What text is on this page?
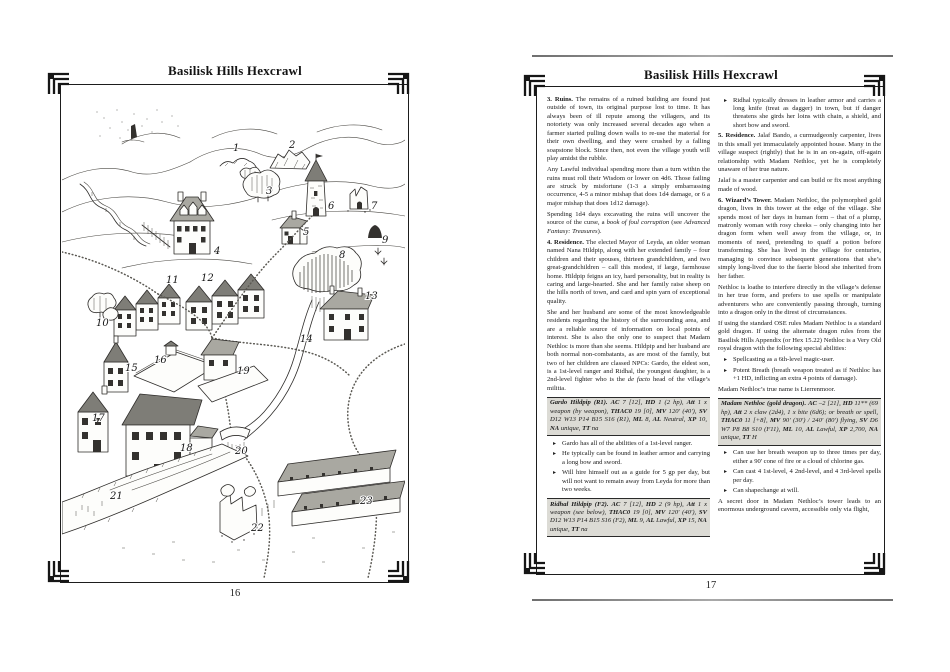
Basilisk Hills Hexcrawl
1	2
3
4
5
6	7
8
9
10
11 12
13
14
15
16
17
18
19
20
21
22
23
16
Basilisk Hills Hexcrawl
3. Ruins. The remains of a ruined building are found just outside of town, its original purpose lost to time. It has always been of ill repute among the villagers, and its notoriety was only increased several decades ago when a farmer started pulling down walls to re-use the material for their own dwelling, and they were crushed by a falling soapstone block. Since then, not even the village youth will play amidst the rubble.
Any Lawful individual spending more than a turn within the ruins must roll their Wisdom or lower on 4d6. Those failing are struck by misfortune (1-3 a simply embarrassing occurrence, 4-5 a minor mishap that does 1d4 damage, or 6 a major mishap that does 1d12 damage).
Spending 1d4 days excavating the ruins will uncover the source of the curse, a book of foul corruption (see Advanced Fantasy: Treasures).
4. Residence. The elected Mayor of Leyda, an older woman named Nana Hildpip, along with her extended family – four children and their spouses, thirteen grandchildren, and two great-grandchildren – call this modest, if large, farmhouse home. Hildpip feigns an icy, hard personality, but in reality is caring and large-hearted. She and her family raise sheep on the hills north of town, and card and spin yarn of exceptional quality.
She and her husband are some of the most knowledgeable residents regarding the history of the surrounding area, and are a reliable source of information on local points of interest. She is also the only one to suspect that Madam Nethloc is more than she seems. Hildpip and her husband are both normal non-combatants, as are most of the family, but two of her children are classed NPCs: Gardo, the eldest son, is a 1st-level ranger and Ridhal, the youngest daughter, is a 2nd-level fighter who is the de facto head of the village’s militia.
Gardo Hildpip (R1). AC 7 [12], HD 1 (2 hp), Att 1 x weapon (by weapon), THAC0 19 [0], MV 120' (40'), SV D12 W13 P14 B15 S16 (R1), ML 8, AL Neutral, XP 10, NA unique, TT na
▸ Gardo has all of the abilities of a 1st-level ranger.
▸ He typically can be found in leather armor and carrying a long bow and sword.
▸ Will hire himself out as a guide for 5 gp per day, but will not want to remain away from Leyda for more than two weeks.
Ridhal Hildpip (F2). AC 7 [12], HD 2 (9 hp), Att 1 x weapon (see below), THAC0 19 [0], MV 120' (40'), SV D12 W13 P14 B15 S16 (F2), ML 9, AL Lawful, XP 15, NA unique, TT na
▸ Ridhal typically dresses in leather armor and carries a long knife (treat as dagger) in town, but if danger threatens she girds her loins with chain, a shield, and short bow and sword.
5. Residence. Jalaf Bando, a curmudgeonly carpenter, lives in this small yet immaculately appointed house. Many in the village suspect (rightly) that he is in an on-again, off-again relationship with Madam Nethloc, yet he is completely unaware of her true nature.
Jalaf is a master carpenter and can build or fix most anything made of wood.
6. Wizard’s Tower. Madam Nethloc, the polymorphed gold dragon, lives in this tower at the edge of the village. She spends most of her days in human form – that of a plump, matronly woman with rosy cheeks – only changing into her dragon form when well away from the village, or, in moments of need, pretending to quaff a potion before transforming. She has lived in the village for centuries, managing to convince subsequent generations that she’s simply long-lived due to the faerie blood she inherited from her father.
Nethloc is loathe to interfere directly in the village’s defense in her true form, and prefers to use spells or manipulate adventurers who are conveniently passing through, turning into a dragon only in the direst of circumstances.
If using the standard OSE rules Madam Nethloc is a standard gold dragon. If using the alternate dragon rules from the Basilisk Hills Appendix (or Hex 15.22) Nethloc is a Very Old royal dragon with the following special abilities:
▸ Spellcasting as a 6th-level magic-user.
▸ Potent Breath (breath weapon treated as if Nethloc has +1 HD, inflicting an extra 4 points of damage).
Madam Nethloc’s true name is Lierrenmoor.
Madam Nethloc (gold dragon). AC –2 [21], HD 11** (69 hp), Att 2 x claw (2d4), 1 x bite (6d6); or breath or spell, THAC0 11 [+8], MV 90' (30') / 240' (80') flying, SV D6 W7 P8 B8 S10 (F11), ML 10, AL Lawful, XP 2,700, NA unique, TT H
▸ Can use her breath weapon up to three times per day, either a 90' cone of fire or a cloud of chlorine gas.
▸ Can cast 4 1st-level, 4 2nd-level, and 4 3rd-level spells per day.
▸ Can shapechange at will.
A secret door in Madam Nethloc’s tower leads to an enormous underground cavern, accessible only via flight,
17
